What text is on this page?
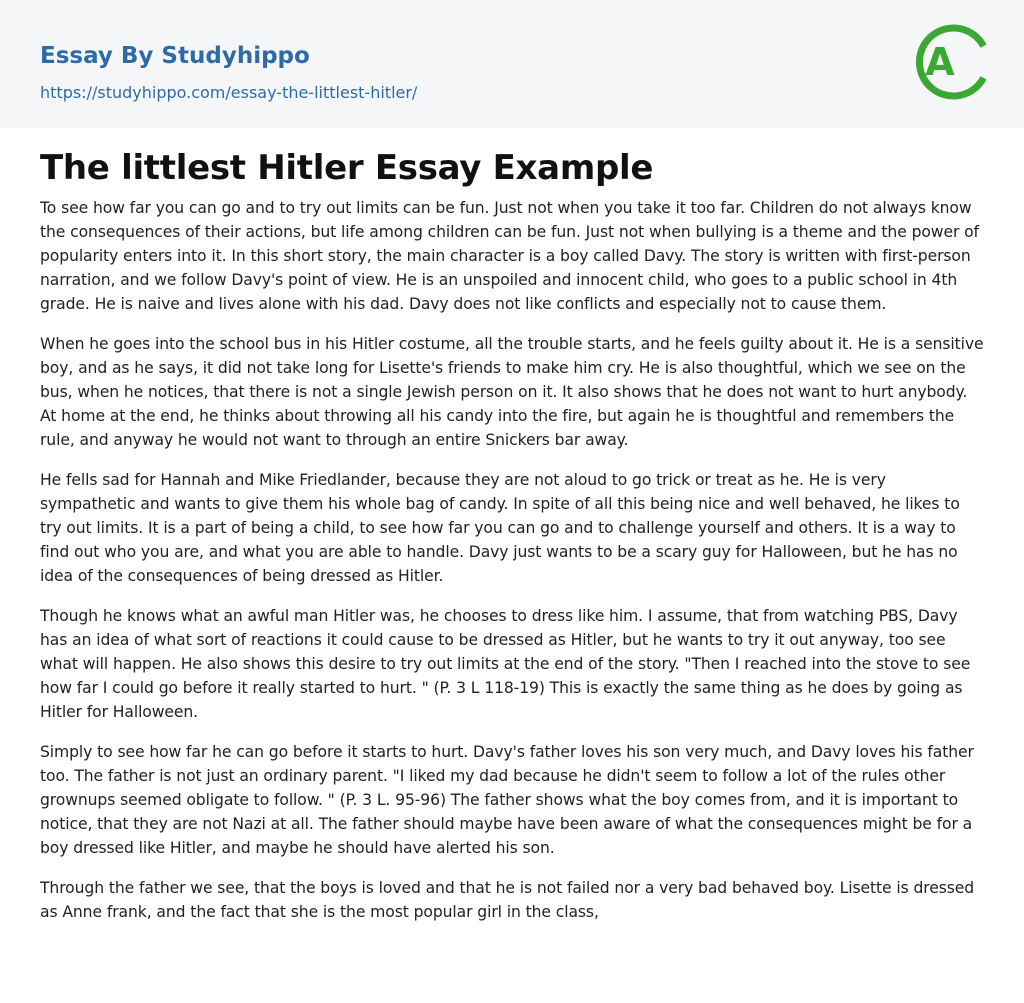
Essay By Studyhippo
https://studyhippo.com/essay-the-littlest-hitler/
A
The littlest Hitler Essay Example

To see how far you can go and to try out limits can be fun. Just not when you take it too far. Children do not always know the consequences of their actions, but life among children can be fun. Just not when bullying is a theme and the power of popularity enters into it. In this short story, the main character is a boy called Davy. The story is written with first-person narration, and we follow Davy's point of view. He is an unspoiled and innocent child, who goes to a public school in 4th grade. He is naive and lives alone with his dad. Davy does not like conflicts and especially not to cause them.

When he goes into the school bus in his Hitler costume, all the trouble starts, and he feels guilty about it. He is a sensitive boy, and as he says, it did not take long for Lisette's friends to make him cry. He is also thoughtful, which we see on the bus, when he notices, that there is not a single Jewish person on it. It also shows that he does not want to hurt anybody. At home at the end, he thinks about throwing all his candy into the fire, but again he is thoughtful and remembers the rule, and anyway he would not want to through an entire Snickers bar away.

He fells sad for Hannah and Mike Friedlander, because they are not aloud to go trick or treat as he. He is very sympathetic and wants to give them his whole bag of candy. In spite of all this being nice and well behaved, he likes to try out limits. It is a part of being a child, to see how far you can go and to challenge yourself and others. It is a way to find out who you are, and what you are able to handle. Davy just wants to be a scary guy for Halloween, but he has no idea of the consequences of being dressed as Hitler.

Though he knows what an awful man Hitler was, he chooses to dress like him. I assume, that from watching PBS, Davy has an idea of what sort of reactions it could cause to be dressed as Hitler, but he wants to try it out anyway, too see what will happen. He also shows this desire to try out limits at the end of the story. "Then I reached into the stove to see how far I could go before it really started to hurt. " (P. 3 L 118-19) This is exactly the same thing as he does by going as Hitler for Halloween.

Simply to see how far he can go before it starts to hurt. Davy's father loves his son very much, and Davy loves his father too. The father is not just an ordinary parent. "I liked my dad because he didn't seem to follow a lot of the rules other grownups seemed obligate to follow. " (P. 3 L. 95-96) The father shows what the boy comes from, and it is important to notice, that they are not Nazi at all. The father should maybe have been aware of what the consequences might be for a boy dressed like Hitler, and maybe he should have alerted his son.

Through the father we see, that the boys is loved and that he is not failed nor a very bad behaved boy. Lisette is dressed as Anne frank, and the fact that she is the most popular girl in the class,
